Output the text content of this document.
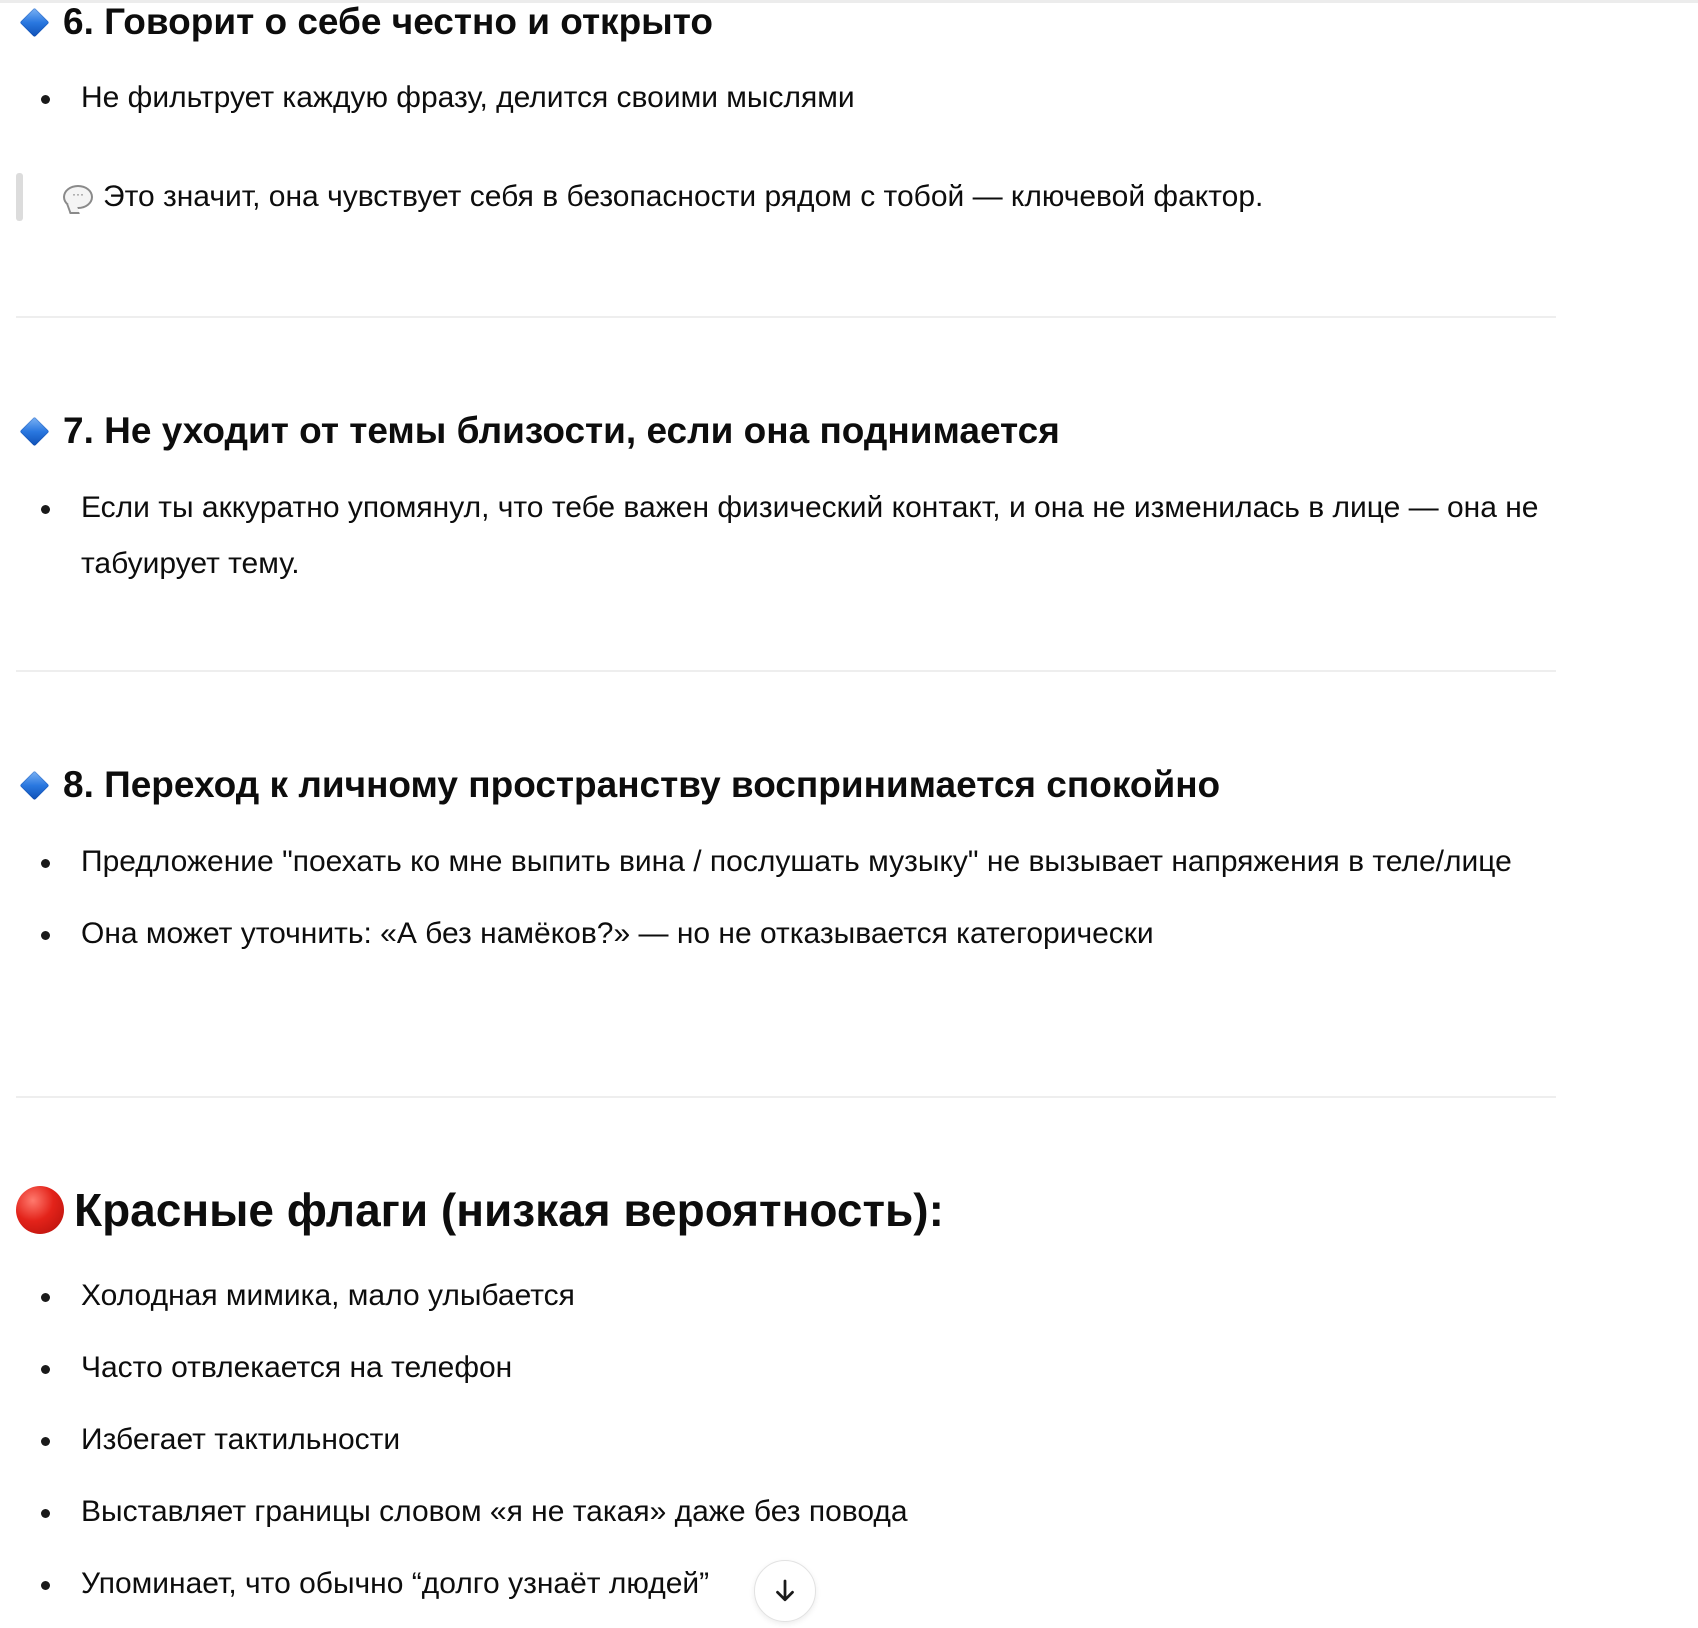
6. Говорит о себе честно и открыто
Не фильтрует каждую фразу, делится своими мыслями
··· Это значит, она чувствует себя в безопасности рядом с тобой — ключевой фактор.
7. Не уходит от темы близости, если она поднимается
Если ты аккуратно упомянул, что тебе важен физический контакт, и она не изменилась в лице — она не табуирует тему.
8. Переход к личному пространству воспринимается спокойно
Предложение "поехать ко мне выпить вина / послушать музыку" не вызывает напряжения в теле/лице
Она может уточнить: «А без намёков?» — но не отказывается категорически
Красные флаги (низкая вероятность):
Холодная мимика, мало улыбается
Часто отвлекается на телефон
Избегает тактильности
Выставляет границы словом «я не такая» даже без повода
Упоминает, что обычно “долго узнаёт людей”
